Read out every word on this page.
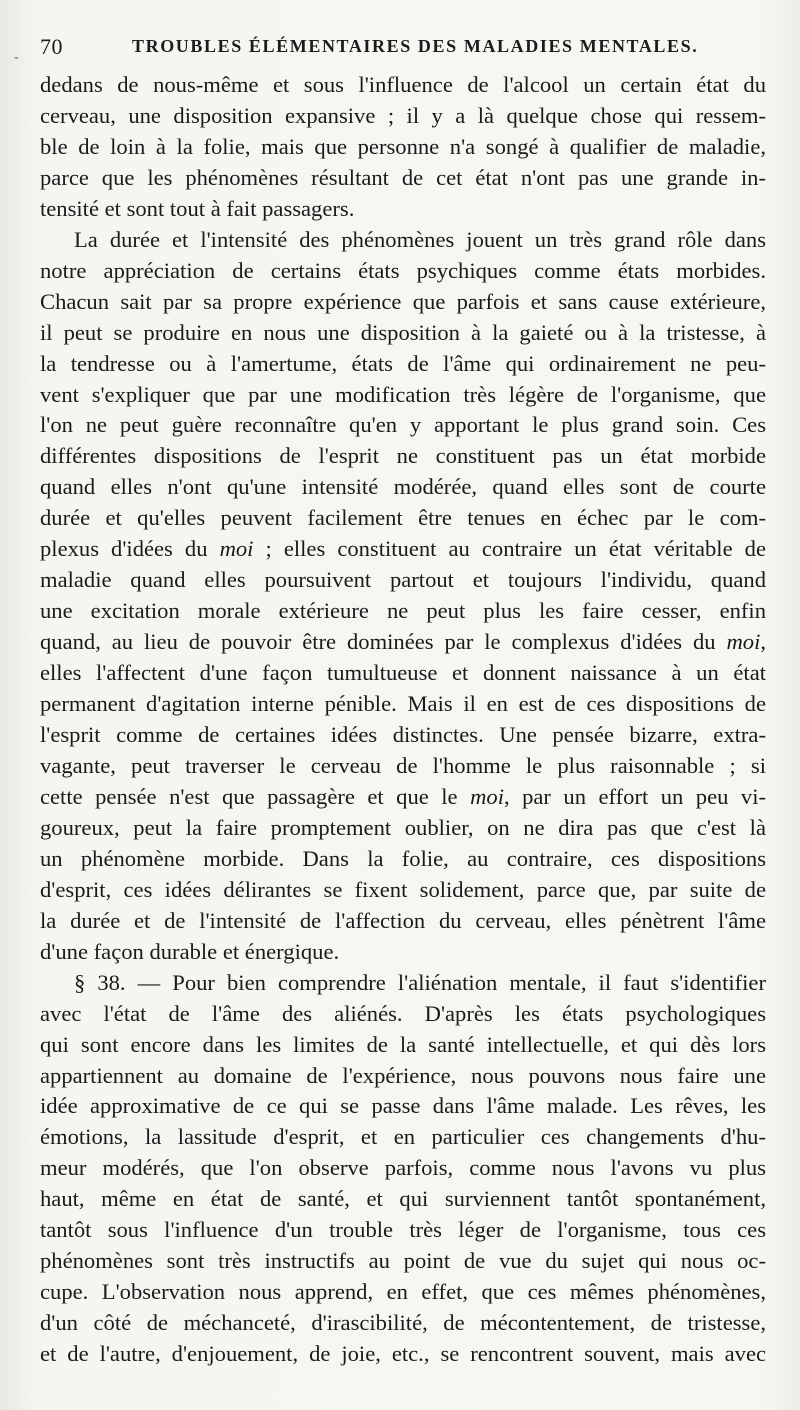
- 70	TROUBLES ÉLÉMENTAIRES DES MALADIES MENTALES.
dedans de nous-même et sous l'influence de l'alcool un certain état du
cerveau, une disposition expansive ; il y a là quelque chose qui ressem-
ble de loin à la folie, mais que personne n'a songé à qualifier de maladie,
parce que les phénomènes résultant de cet état n'ont pas une grande in-
tensité et sont tout à fait passagers.
La durée et l'intensité des phénomènes jouent un très grand rôle dans
notre appréciation de certains états psychiques comme états morbides.
Chacun sait par sa propre expérience que parfois et sans cause extérieure,
il peut se produire en nous une disposition à la gaieté ou à la tristesse, à
la tendresse ou à l'amertume, états de l'âme qui ordinairement ne peu-
vent s'expliquer que par une modification très légère de l'organisme, que
l'on ne peut guère reconnaître qu'en y apportant le plus grand soin. Ces
différentes dispositions de l'esprit ne constituent pas un état morbide
quand elles n'ont qu'une intensité modérée, quand elles sont de courte
durée et qu'elles peuvent facilement être tenues en échec par le com-
plexus d'idées du moi ; elles constituent au contraire un état véritable de
maladie quand elles poursuivent partout et toujours l'individu, quand
une excitation morale extérieure ne peut plus les faire cesser, enfin
quand, au lieu de pouvoir être dominées par le complexus d'idées du moi,
elles l'affectent d'une façon tumultueuse et donnent naissance à un état
permanent d'agitation interne pénible. Mais il en est de ces dispositions de
l'esprit comme de certaines idées distinctes. Une pensée bizarre, extra-
vagante, peut traverser le cerveau de l'homme le plus raisonnable ; si
cette pensée n'est que passagère et que le moi, par un effort un peu vi-
goureux, peut la faire promptement oublier, on ne dira pas que c'est là
un phénomène morbide. Dans la folie, au contraire, ces dispositions
d'esprit, ces idées délirantes se fixent solidement, parce que, par suite de
la durée et de l'intensité de l'affection du cerveau, elles pénètrent l'âme
d'une façon durable et énergique.
§ 38. — Pour bien comprendre l'aliénation mentale, il faut s'identifier
avec l'état de l'âme des aliénés. D'après les états psychologiques
qui sont encore dans les limites de la santé intellectuelle, et qui dès lors
appartiennent au domaine de l'expérience, nous pouvons nous faire une
idée approximative de ce qui se passe dans l'âme malade. Les rêves, les
émotions, la lassitude d'esprit, et en particulier ces changements d'hu-
meur modérés, que l'on observe parfois, comme nous l'avons vu plus
haut, même en état de santé, et qui surviennent tantôt spontanément,
tantôt sous l'influence d'un trouble très léger de l'organisme, tous ces
phénomènes sont très instructifs au point de vue du sujet qui nous oc-
cupe. L'observation nous apprend, en effet, que ces mêmes phénomènes,
d'un côté de méchanceté, d'irascibilité, de mécontentement, de tristesse,
et de l'autre, d'enjouement, de joie, etc., se rencontrent souvent, mais avec
